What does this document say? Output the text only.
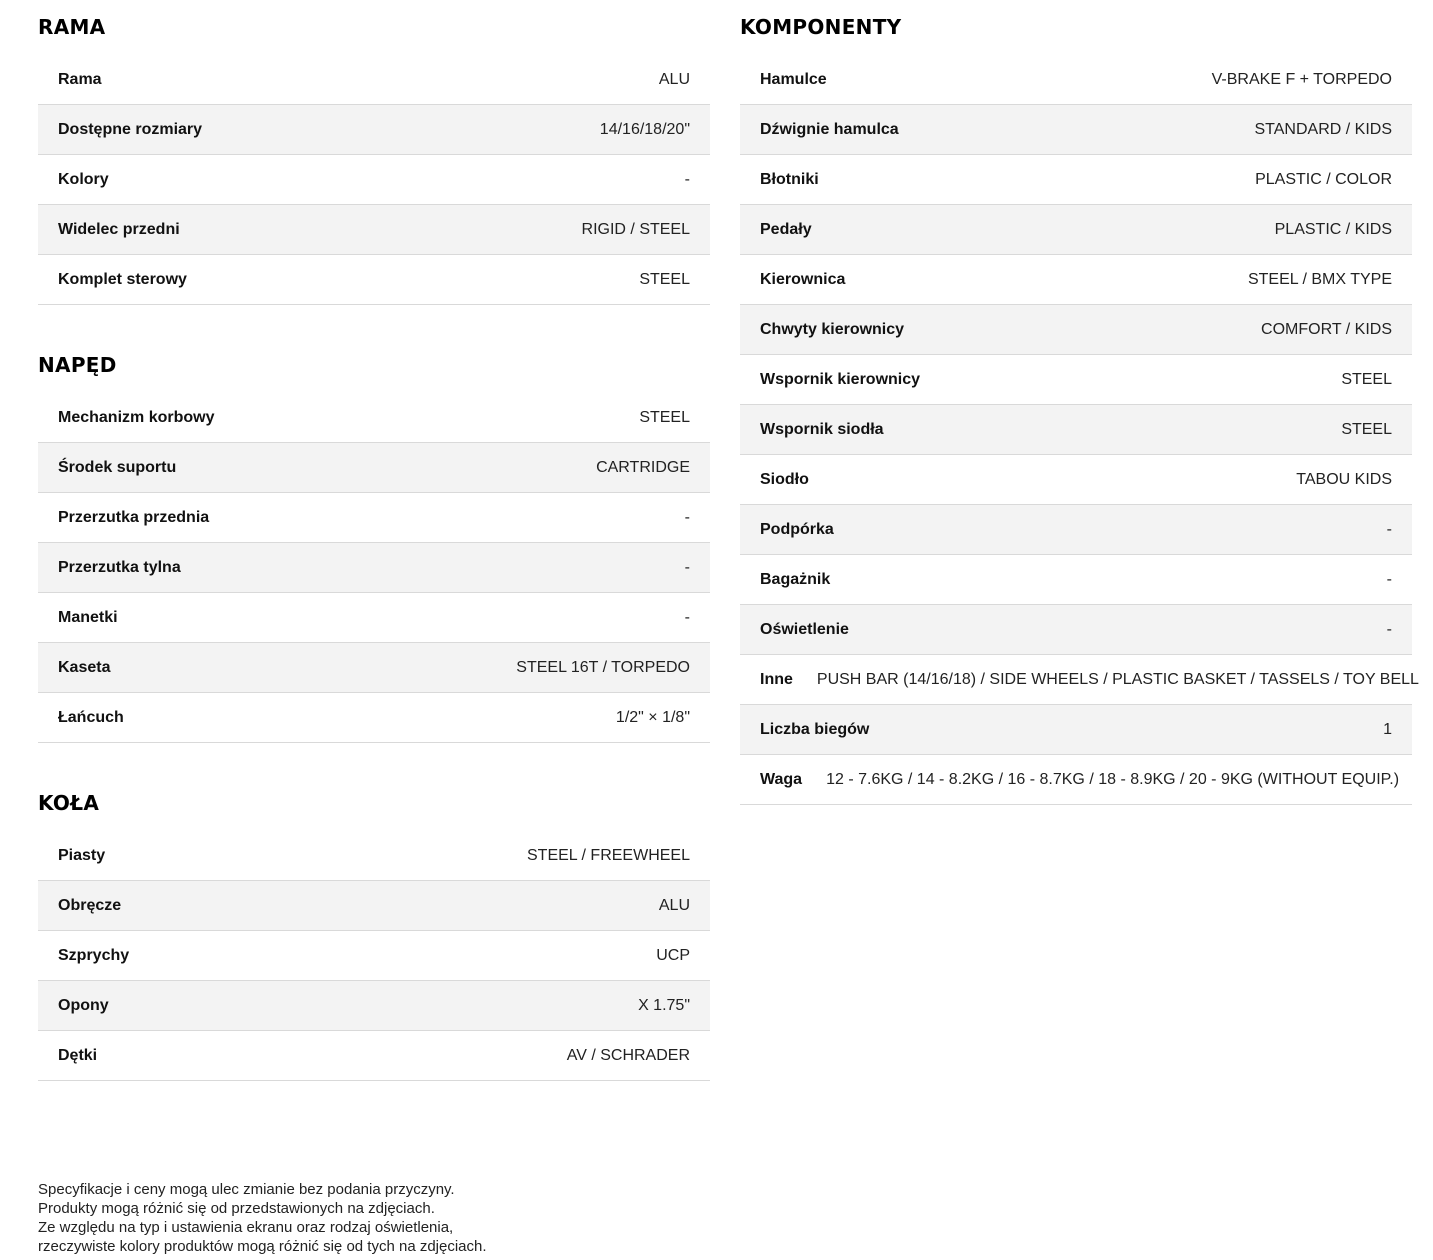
RAMA
Rama	ALU
Dostępne rozmiary	14/16/18/20"
Kolory	-
Widelec przedni	RIGID / STEEL
Komplet sterowy	STEEL
NAPĘD
Mechanizm korbowy	STEEL
Środek suportu	CARTRIDGE
Przerzutka przednia	-
Przerzutka tylna	-
Manetki	-
Kaseta	STEEL 16T / TORPEDO
Łańcuch	1/2" × 1/8"
KOŁA
Piasty	STEEL / FREEWHEEL
Obręcze	ALU
Szprychy	UCP
Opony	X 1.75"
Dętki	AV / SCHRADER
KOMPONENTY
Hamulce	V-BRAKE F + TORPEDO
Dźwignie hamulca	STANDARD / KIDS
Błotniki	PLASTIC / COLOR
Pedały	PLASTIC / KIDS
Kierownica	STEEL / BMX TYPE
Chwyty kierownicy	COMFORT / KIDS
Wspornik kierownicy	STEEL
Wspornik siodła	STEEL
Siodło	TABOU KIDS
Podpórka	-
Bagażnik	-
Oświetlenie	-
Inne PUSH BAR (14/16/18) / SIDE WHEELS / PLASTIC BASKET / TASSELS / TOY BELL
Liczba biegów	1
Waga 12 - 7.6KG / 14 - 8.2KG / 16 - 8.7KG / 18 - 8.9KG / 20 - 9KG (WITHOUT EQUIP.)
Specyfikacje i ceny mogą ulec zmianie bez podania przyczyny.
Produkty mogą różnić się od przedstawionych na zdjęciach.
Ze względu na typ i ustawienia ekranu oraz rodzaj oświetlenia,
rzeczywiste kolory produktów mogą różnić się od tych na zdjęciach.
